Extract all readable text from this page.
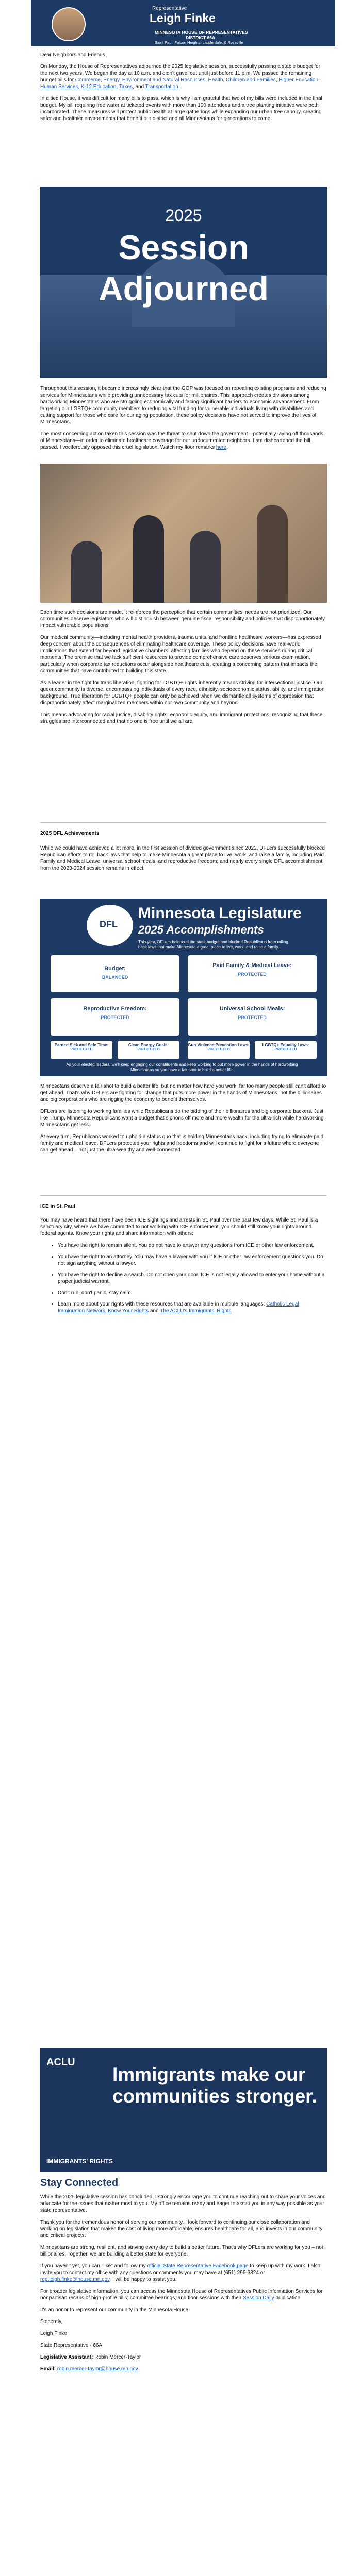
Representative
Leigh Finke
MINNESOTA HOUSE OF REPRESENTATIVES
DISTRICT 66A
Saint Paul, Falcon Heights, Lauderdale, & Roseville

Dear Neighbors and Friends,

On Monday, the House of Representatives adjourned the 2025 legislative session, successfully passing a stable budget for the next two years. We began the day at 10 a.m. and didn't gavel out until just before 11 p.m. We passed the remaining budget bills for Commerce, Energy, Environment and Natural Resources, Health, Children and Families, Higher Education, Human Services, K-12 Education, Taxes, and Transportation.

In a tied House, it was difficult for many bills to pass, which is why I am grateful that two of my bills were included in the final budget. My bill requiring free water at ticketed events with more than 100 attendees and a tree planting initiative were both incorporated. These measures will protect public health at large gatherings while expanding our urban tree canopy, creating safer and healthier environments that benefit our district and all Minnesotans for generations to come.

2025
Session
Adjourned

Throughout this session, it became increasingly clear that the GOP was focused on repealing existing programs and reducing services for Minnesotans while providing unnecessary tax cuts for millionaires. This approach creates divisions among hardworking Minnesotans who are struggling economically and facing significant barriers to economic advancement. From targeting our LGBTQ+ community members to reducing vital funding for vulnerable individuals living with disabilities and cutting support for those who care for our aging population, these policy decisions have not served to improve the lives of Minnesotans.

The most concerning action taken this session was the threat to shut down the government—potentially laying off thousands of Minnesotans—in order to eliminate healthcare coverage for our undocumented neighbors. I am disheartened the bill passed. I vociferously opposed this cruel legislation. Watch my floor remarks here.

Each time such decisions are made, it reinforces the perception that certain communities' needs are not prioritized. Our communities deserve legislators who will distinguish between genuine fiscal responsibility and policies that disproportionately impact vulnerable populations.

Our medical community—including mental health providers, trauma units, and frontline healthcare workers—has expressed deep concern about the consequences of eliminating healthcare coverage. These policy decisions have real-world implications that extend far beyond legislative chambers, affecting families who depend on these services during critical moments. The premise that we lack sufficient resources to provide comprehensive care deserves serious examination, particularly when corporate tax reductions occur alongside healthcare cuts, creating a concerning pattern that impacts the communities that have contributed to building this state.

As a leader in the fight for trans liberation, fighting for LGBTQ+ rights inherently means striving for intersectional justice. Our queer community is diverse, encompassing individuals of every race, ethnicity, socioeconomic status, ability, and immigration background. True liberation for LGBTQ+ people can only be achieved when we dismantle all systems of oppression that disproportionately affect marginalized members within our own community and beyond.

This means advocating for racial justice, disability rights, economic equity, and immigrant protections, recognizing that these struggles are interconnected and that no one is free until we all are.

2025 DFL Achievements

While we could have achieved a lot more, in the first session of divided government since 2022, DFLers successfully blocked Republican efforts to roll back laws that help to make Minnesota a great place to live, work, and raise a family, including Paid Family and Medical Leave, universal school meals, and reproductive freedom; and nearly every single DFL accomplishment from the 2023-2024 session remains in effect.

DFL
Minnesota Legislature
2025 Accomplishments
This year, DFLers balanced the state budget and blocked Republicans from rolling back laws that make Minnesota a great place to live, work, and raise a family.
Budget:
BALANCED
Paid Family & Medical Leave:
PROTECTED
Reproductive Freedom:
PROTECTED
Universal School Meals:
PROTECTED
Earned Sick and Safe Time:
PROTECTED
Clean Energy Goals:
PROTECTED
Gun Violence Prevention Laws:
PROTECTED
LGBTQ+ Equality Laws:
PROTECTED
As your elected leaders, we'll keep engaging our constituents and keep working to put more power in the hands of hardworking Minnesotans so you have a fair shot to build a better life.

Minnesotans deserve a fair shot to build a better life, but no matter how hard you work, far too many people still can't afford to get ahead. That's why DFLers are fighting for change that puts more power in the hands of Minnesotans, not the billionaires and big corporations who are rigging the economy to benefit themselves.

DFLers are listening to working families while Republicans do the bidding of their billionaires and big corporate backers. Just like Trump, Minnesota Republicans want a budget that siphons off more and more wealth for the ultra-rich while hardworking Minnesotans get less.

At every turn, Republicans worked to uphold a status quo that is holding Minnesotans back, including trying to eliminate paid family and medical leave. DFLers protected your rights and freedoms and will continue to fight for a future where everyone can get ahead – not just the ultra-wealthy and well-connected.

ICE in St. Paul

You may have heard that there have been ICE sightings and arrests in St. Paul over the past few days. While St. Paul is a sanctuary city, where we have committed to not working with ICE enforcement, you should still know your rights around federal agents. Know your rights and share information with others:

• You have the right to remain silent. You do not have to answer any questions from ICE or other law enforcement.
• You have the right to an attorney. You may have a lawyer with you if ICE or other law enforcement questions you. Do not sign anything without a lawyer.
• You have the right to decline a search. Do not open your door. ICE is not legally allowed to enter your home without a proper judicial warrant.
• Don't run, don't panic, stay calm.
• Learn more about your rights with these resources that are available in multiple languages: Catholic Legal Immigration Network, Know Your Rights and The ACLU's Immigrants' Rights
ACLU
Immigrants make our communities stronger.
IMMIGRANTS' RIGHTS
Stay Connected

While the 2025 legislative session has concluded, I strongly encourage you to continue reaching out to share your voices and advocate for the issues that matter most to you. My office remains ready and eager to assist you in any way possible as your state representative.

Thank you for the tremendous honor of serving our community. I look forward to continuing our close collaboration and working on legislation that makes the cost of living more affordable, ensures healthcare for all, and invests in our community and critical projects.

Minnesotans are strong, resilient, and striving every day to build a better future. That's why DFLers are working for you – not billionaires. Together, we are building a better state for everyone.

If you haven't yet, you can "like" and follow my official State Representative Facebook page to keep up with my work. I also invite you to contact my office with any questions or comments you may have at (651) 296-3824 or rep.leigh.finke@house.mn.gov. I will be happy to assist you.

For broader legislative information, you can access the Minnesota House of Representatives Public Information Services for nonpartisan recaps of high-profile bills; committee hearings, and floor sessions with their Session Daily publication.

It's an honor to represent our community in the Minnesota House.

Sincerely,

Leigh Finke

State Representative - 66A

Legislative Assistant: Robin Mercer-Taylor

Email: robin.mercer-taylor@house.mn.gov
